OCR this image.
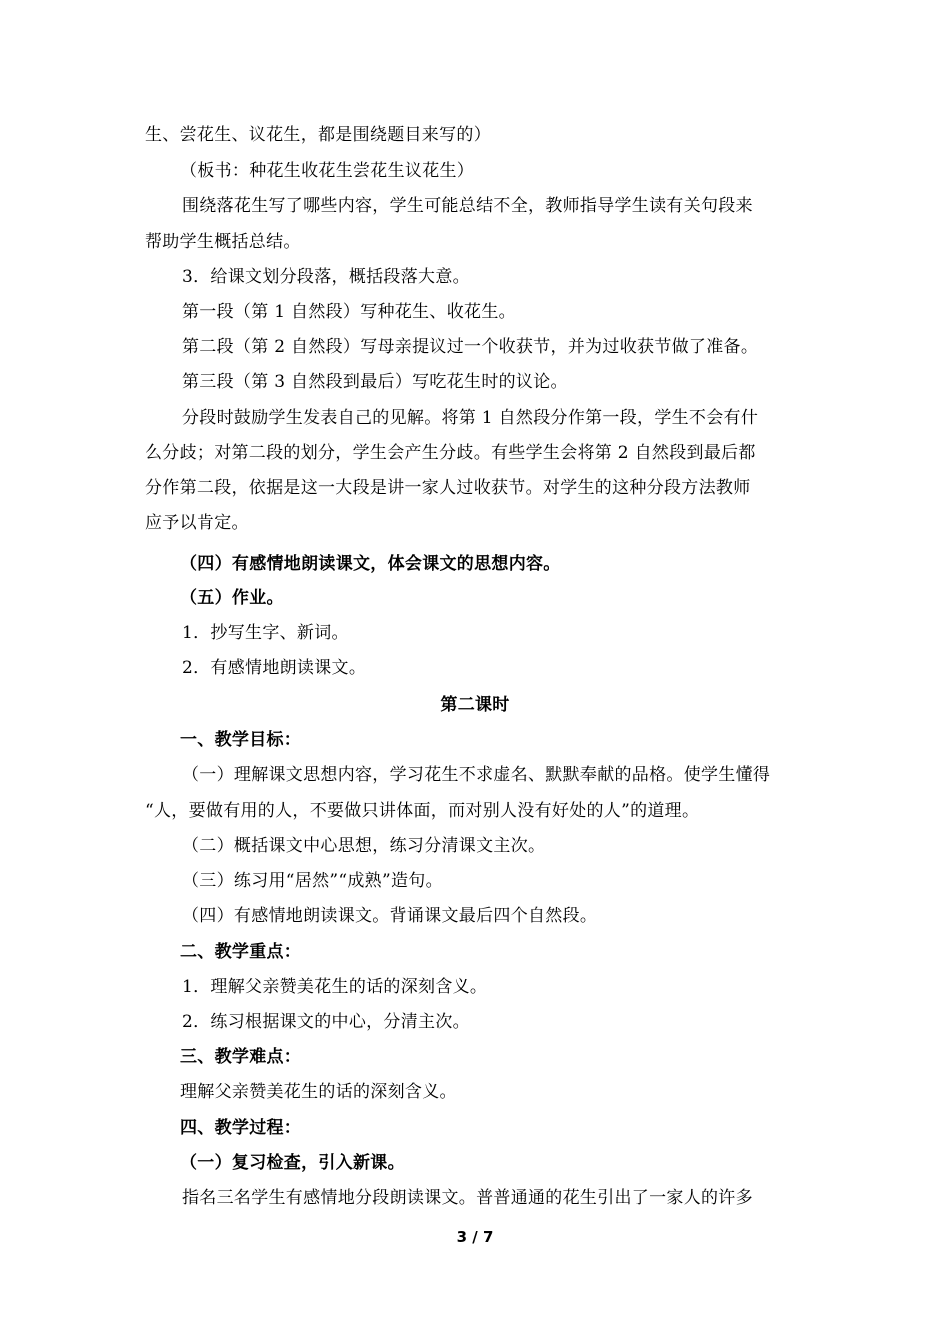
生、尝花生、议花生，都是围绕题目来写的）
（板书：种花生收花生尝花生议花生）
围绕落花生写了哪些内容，学生可能总结不全，教师指导学生读有关句段来
帮助学生概括总结。
3．给课文划分段落，概括段落大意。
第一段（第 1 自然段）写种花生、收花生。
第二段（第 2 自然段）写母亲提议过一个收获节，并为过收获节做了准备。
第三段（第 3 自然段到最后）写吃花生时的议论。
分段时鼓励学生发表自己的见解。将第 1 自然段分作第一段，学生不会有什
么分歧；对第二段的划分，学生会产生分歧。有些学生会将第 2 自然段到最后都
分作第二段，依据是这一大段是讲一家人过收获节。对学生的这种分段方法教师
应予以肯定。
（四）有感情地朗读课文，体会课文的思想内容。
（五）作业。
1．抄写生字、新词。
2．有感情地朗读课文。
第二课时
一、教学目标：
（一）理解课文思想内容，学习花生不求虚名、默默奉献的品格。使学生懂得
“人，要做有用的人，不要做只讲体面，而对别人没有好处的人”的道理。
（二）概括课文中心思想，练习分清课文主次。
（三）练习用“居然”“成熟”造句。
（四）有感情地朗读课文。背诵课文最后四个自然段。
二、教学重点：
1．理解父亲赞美花生的话的深刻含义。
2．练习根据课文的中心，分清主次。
三、教学难点：
理解父亲赞美花生的话的深刻含义。
四、教学过程：
（一）复习检查，引入新课。
指名三名学生有感情地分段朗读课文。普普通通的花生引出了一家人的许多
3 / 7
